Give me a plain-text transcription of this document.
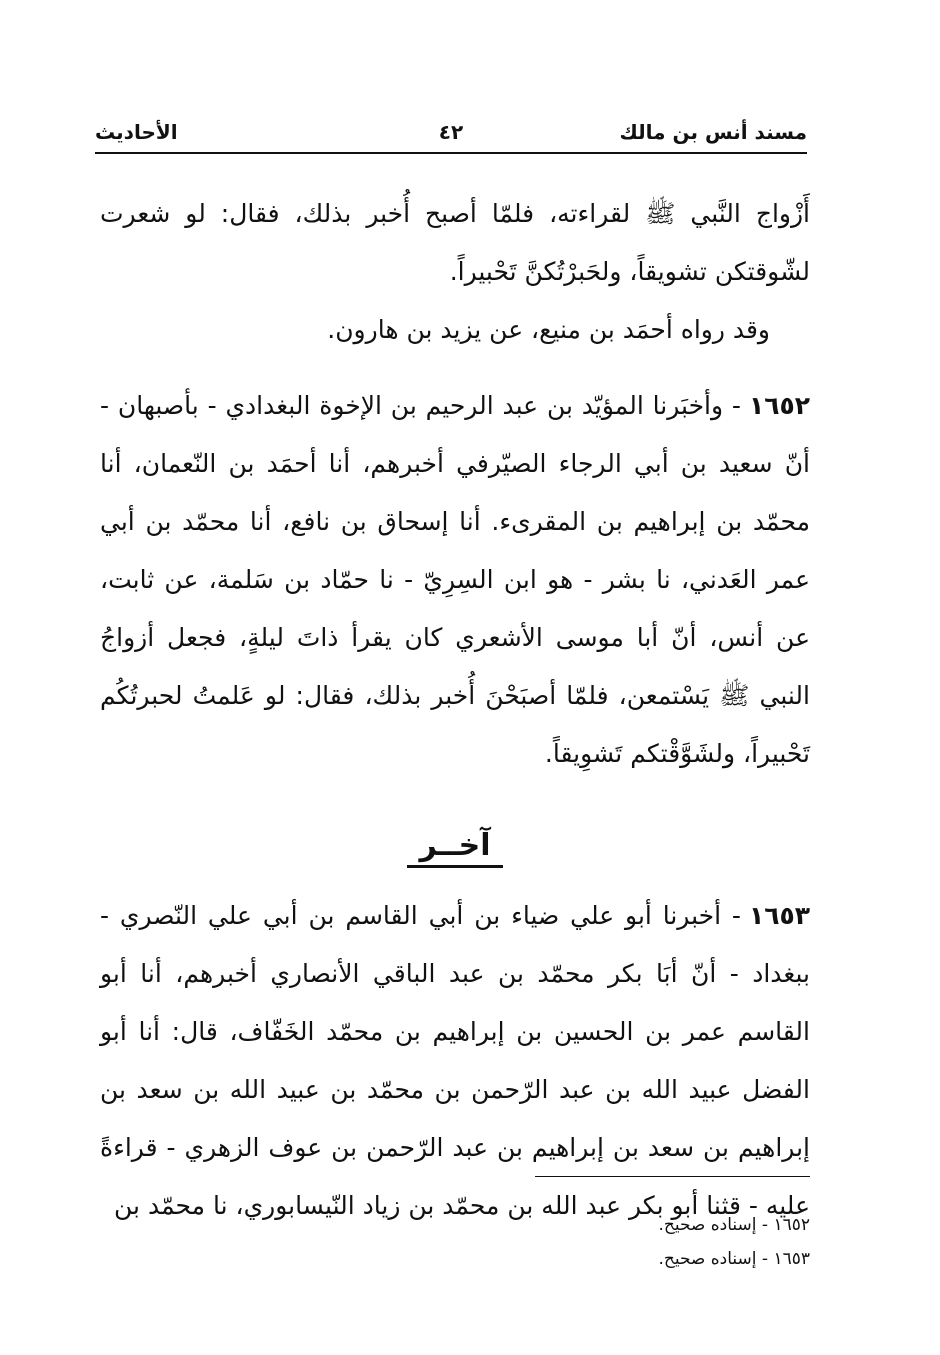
مسند أنس بن مالك
٤٢
الأحاديث

أَزْواج النَّبي ﷺ لقراءته، فلمّا أصبح أُخبر بذلك، فقال: لو شعرت لشّوقتكن تشويقاً، ولحَبرْتُكنَّ تَحْبيراً.

وقد رواه أحمَد بن منيع، عن يزيد بن هارون.

١٦٥٢- وأخبَرنا المؤيّد بن عبد الرحيم بن الإخوة البغدادي - بأصبهان - أنّ سعيد بن أبي الرجاء الصيّرفي أخبرهم، أنا أحمَد بن النّعمان، أنا محمّد بن إبراهيم بن المقرىء. أنا إسحاق بن نافع، أنا محمّد بن أبي عمر العَدني، نا بشر - هو ابن السِرِيّ - نا حمّاد بن سَلمة، عن ثابت، عن أنس، أنّ أبا موسى الأشعري كان يقرأ ذاتَ ليلةٍ، فجعل أزواجُ النبي ﷺ يَسْتمعن، فلمّا أصبَحْنَ أُخبر بذلك، فقال: لو عَلمتُ لحبرتُكُم تَحْبيراً، ولشَوَّقْتكم تَشوِيقاً.

آخــر

١٦٥٣- أخبرنا أبو علي ضياء بن أبي القاسم بن أبي علي النّصري - ببغداد - أنّ أبَا بكر محمّد بن عبد الباقي الأنصاري أخبرهم، أنا أبو القاسم عمر بن الحسين بن إبراهيم بن محمّد الخَفّاف، قال: أنا أبو الفضل عبيد الله بن عبد الرّحمن بن محمّد بن عبيد الله بن سعد بن إبراهيم بن سعد بن إبراهيم بن عبد الرّحمن بن عوف الزهري - قراءةً عليه - قثنا أبو بكر عبد الله بن محمّد بن زياد النّيسابوري، نا محمّد بن

١٦٥٢ - إسناده صحيح.
١٦٥٣ - إسناده صحيح.
